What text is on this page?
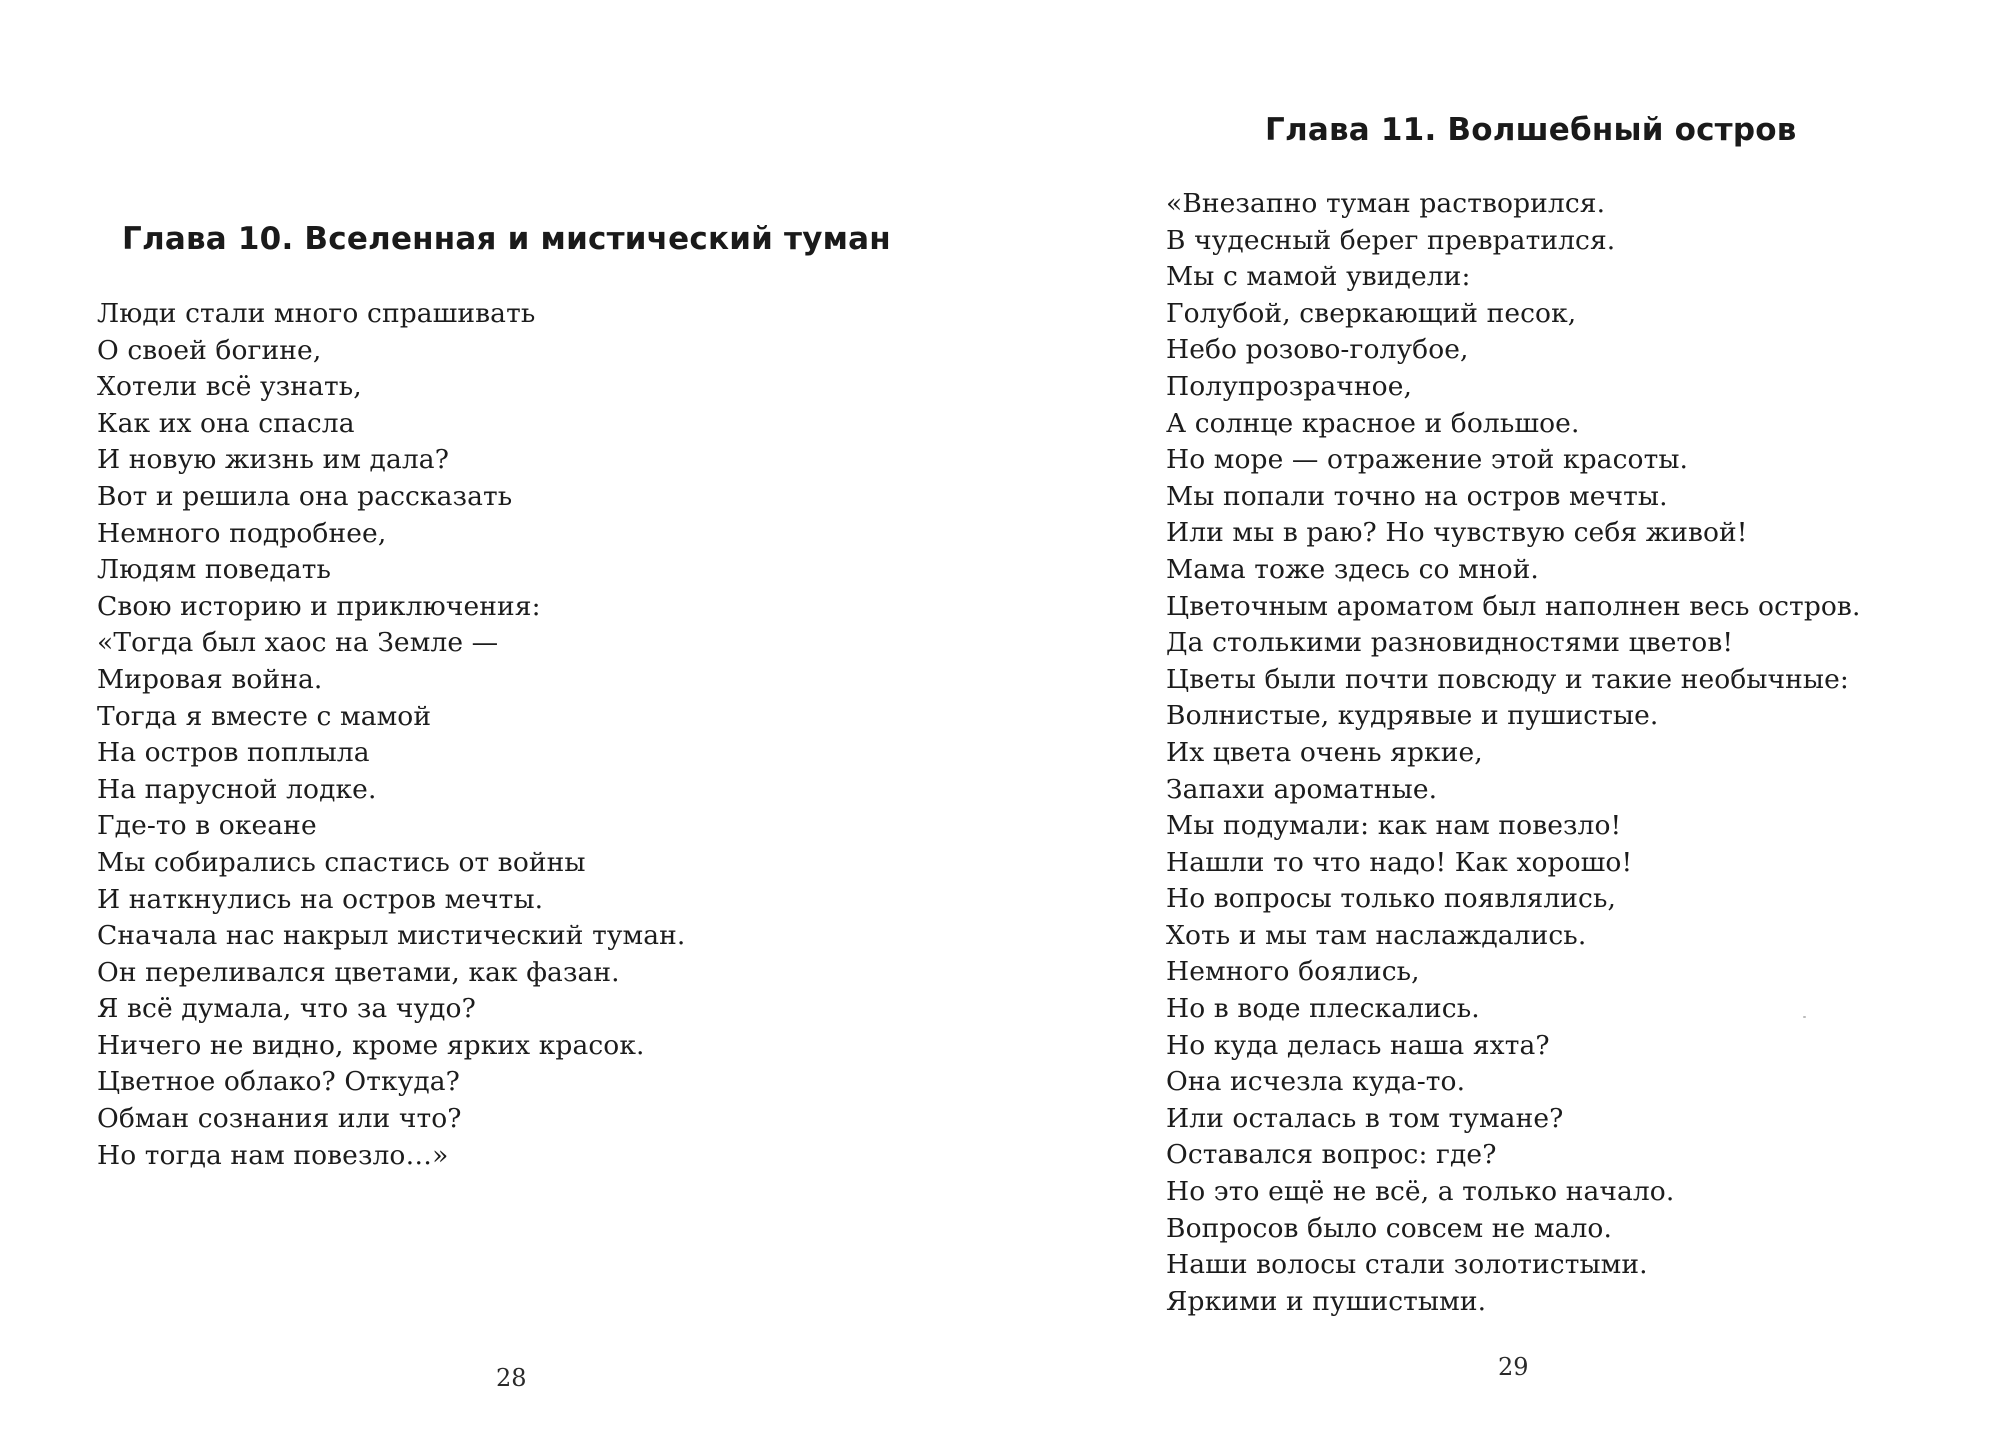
Глава 10. Вселенная и мистический туман
Люди стали много спрашивать
О своей богине,
Хотели всё узнать,
Как их она спасла
И новую жизнь им дала?
Вот и решила она рассказать
Немного подробнее,
Людям поведать
Свою историю и приключения:
«Тогда был хаос на Земле —
Мировая война.
Тогда я вместе с мамой
На остров поплыла
На парусной лодке.
Где-то в океане
Мы собирались спастись от войны
И наткнулись на остров мечты.
Сначала нас накрыл мистический туман.
Он переливался цветами, как фазан.
Я всё думала, что за чудо?
Ничего не видно, кроме ярких красок.
Цветное облако? Откуда?
Обман сознания или что?
Но тогда нам повезло…»
28
Глава 11. Волшебный остров
«Внезапно туман растворился.
В чудесный берег превратился.
Мы с мамой увидели:
Голубой, сверкающий песок,
Небо розово-голубое,
Полупрозрачное,
А солнце красное и большое.
Но море — отражение этой красоты.
Мы попали точно на остров мечты.
Или мы в раю? Но чувствую себя живой!
Мама тоже здесь со мной.
Цветочным ароматом был наполнен весь остров.
Да столькими разновидностями цветов!
Цветы были почти повсюду и такие необычные:
Волнистые, кудрявые и пушистые.
Их цвета очень яркие,
Запахи ароматные.
Мы подумали: как нам повезло!
Нашли то что надо! Как хорошо!
Но вопросы только появлялись,
Хоть и мы там наслаждались.
Немного боялись,
Но в воде плескались.
Но куда делась наша яхта?
Она исчезла куда-то.
Или осталась в том тумане?
Оставался вопрос: где?
Но это ещё не всё, а только начало.
Вопросов было совсем не мало.
Наши волосы стали золотистыми.
Яркими и пушистыми.
29
